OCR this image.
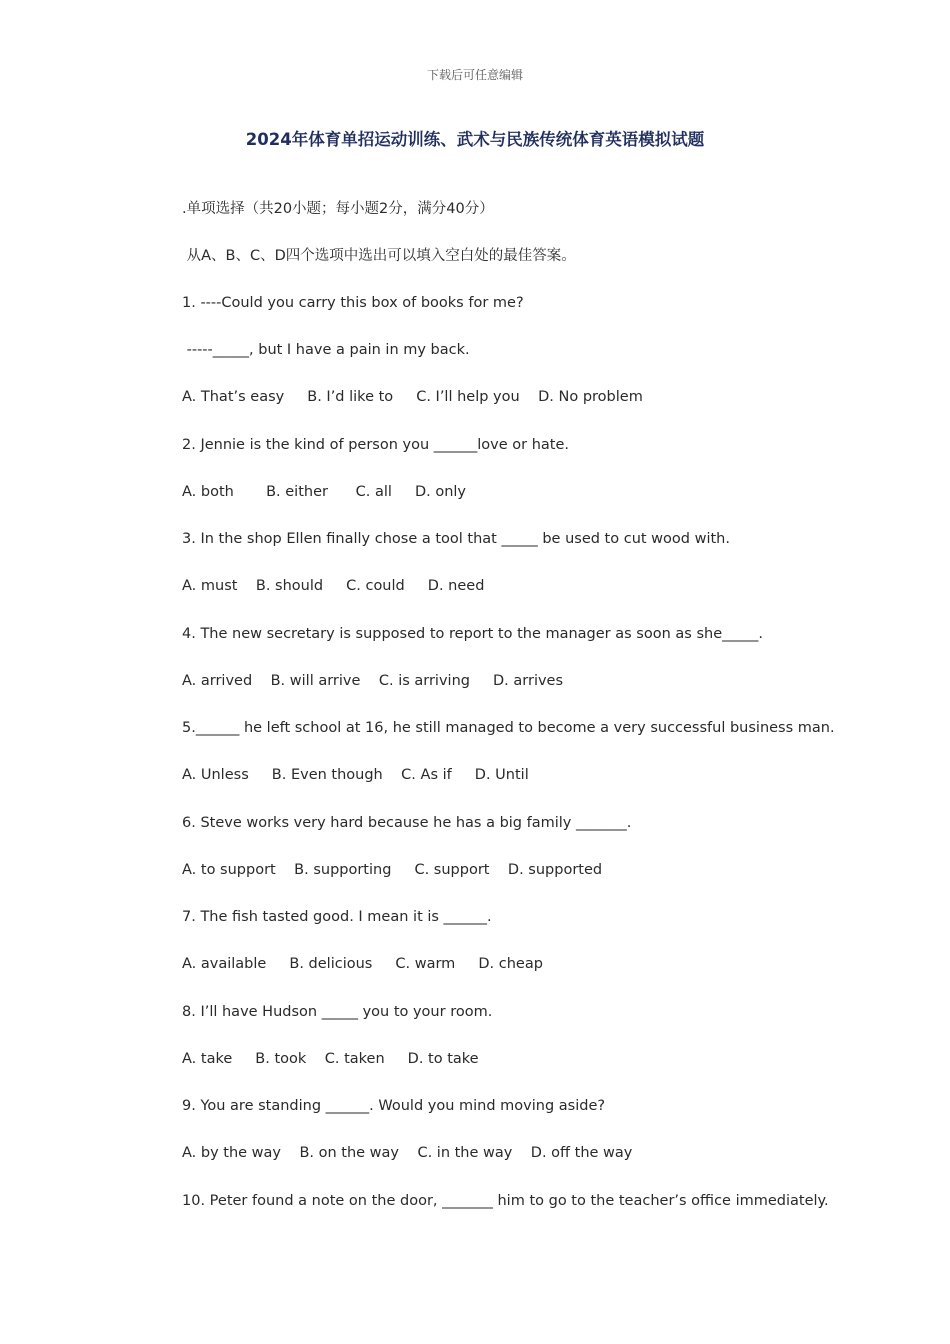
下载后可任意编辑
2024年体育单招运动训练、武术与民族传统体育英语模拟试题
.单项选择（共20小题；每小题2分，满分40分）
从A、B、C、D四个选项中选出可以填入空白处的最佳答案。
1. ----Could you carry this box of books for me?
-----_____, but I have a pain in my back.
A. That’s easy     B. I’d like to     C. I’ll help you    D. No problem
2. Jennie is the kind of person you ______love or hate.
A. both       B. either      C. all     D. only
3. In the shop Ellen finally chose a tool that _____ be used to cut wood with.
A. must    B. should     C. could     D. need
4. The new secretary is supposed to report to the manager as soon as she_____.
A. arrived    B. will arrive    C. is arriving     D. arrives
5.______ he left school at 16, he still managed to become a very successful business man.
A. Unless     B. Even though    C. As if     D. Until
6. Steve works very hard because he has a big family _______.
A. to support    B. supporting     C. support    D. supported
7. The fish tasted good. I mean it is ______.
A. available     B. delicious     C. warm     D. cheap
8. I’ll have Hudson _____ you to your room.
A. take     B. took    C. taken     D. to take
9. You are standing ______. Would you mind moving aside?
A. by the way    B. on the way    C. in the way    D. off the way
10. Peter found a note on the door, _______ him to go to the teacher’s office immediately.
